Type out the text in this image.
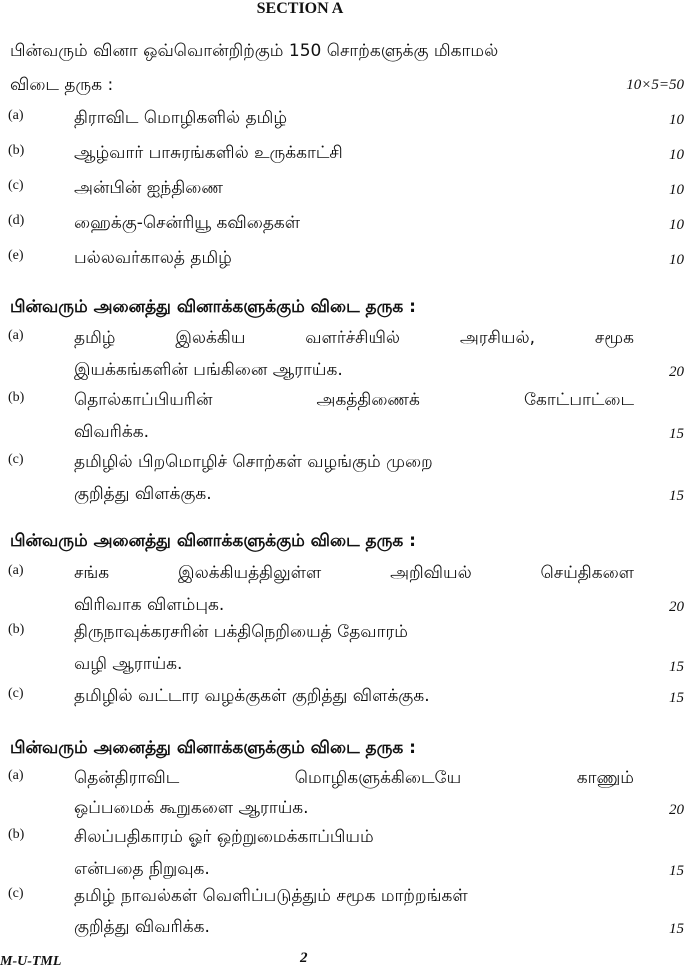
SECTION A
பின்வரும் வினா ஒவ்வொன்றிற்கும் 150 சொற்களுக்கு மிகாமல்
விடை தருக :	10×5=50
(a)	திராவிட மொழிகளில் தமிழ்	10
(b)	ஆழ்வார் பாசுரங்களில் உருக்காட்சி	10
(c)	அன்பின் ஐந்திணை	10
(d)	ஹைக்கு-சென்ரியூ கவிதைகள்	10
(e)	பல்லவர்காலத் தமிழ்	10
பின்வரும் அனைத்து வினாக்களுக்கும் விடை தருக :
(a)	தமிழ் இலக்கிய வளர்ச்சியில் அரசியல், சமூக
இயக்கங்களின் பங்கினை ஆராய்க.	20
(b)	தொல்காப்பியரின் அகத்திணைக் கோட்பாட்டை
விவரிக்க.	15
(c)	தமிழில் பிறமொழிச் சொற்கள் வழங்கும் முறை
குறித்து விளக்குக.	15
பின்வரும் அனைத்து வினாக்களுக்கும் விடை தருக :
(a)	சங்க இலக்கியத்திலுள்ள அறிவியல் செய்திகளை
விரிவாக விளம்புக.	20
(b)	திருநாவுக்கரசரின் பக்திநெறியைத் தேவாரம்
வழி ஆராய்க.	15
(c)	தமிழில் வட்டார வழக்குகள் குறித்து விளக்குக.	15
பின்வரும் அனைத்து வினாக்களுக்கும் விடை தருக :
(a)	தென்திராவிட மொழிகளுக்கிடையே காணும்
ஒப்பமைக் கூறுகளை ஆராய்க.	20
(b)	சிலப்பதிகாரம் ஓர் ஒற்றுமைக்காப்பியம்
என்பதை நிறுவுக.	15
(c)	தமிழ் நாவல்கள் வெளிப்படுத்தும் சமூக மாற்றங்கள்
குறித்து விவரிக்க.	15
M-U-TML	2
